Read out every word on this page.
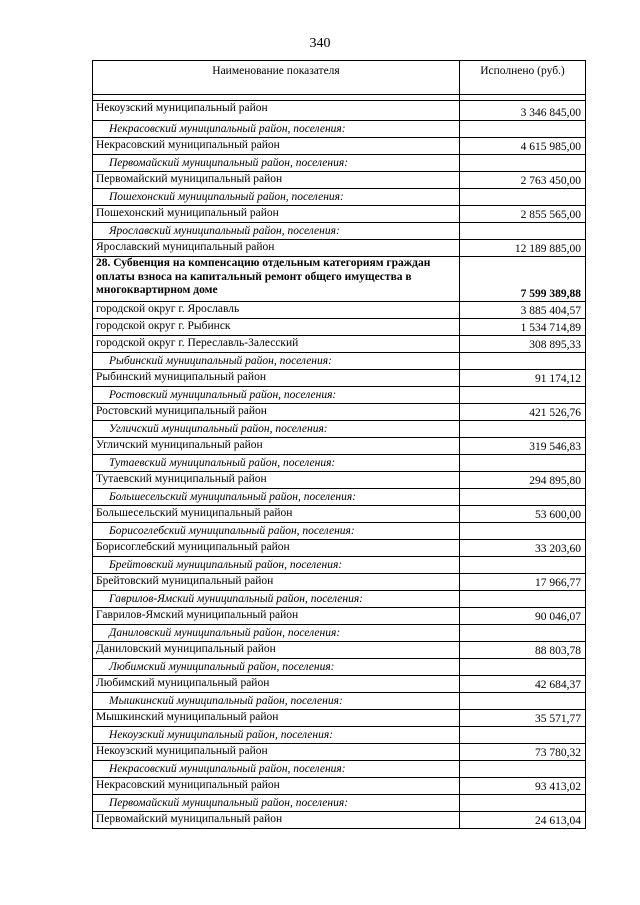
340
Наименование показателя	Исполнено (руб.)

Некоузский муниципальный район	3 346 845,00
Некрасовский муниципальный район, поселения:	
Некрасовский муниципальный район	4 615 985,00
Первомайский муниципальный район, поселения:	
Первомайский муниципальный район	2 763 450,00
Пошехонский муниципальный район, поселения:	
Пошехонский муниципальный район	2 855 565,00
Ярославский муниципальный район, поселения:	
Ярославский муниципальный район	12 189 885,00
28. Субвенция на компенсацию отдельным категориям граждан оплаты взноса на капитальный ремонт общего имущества в многоквартирном доме	7 599 389,88
городской округ г. Ярославль	3 885 404,57
городской округ г. Рыбинск	1 534 714,89
городской округ г. Переславль-Залесский	308 895,33
Рыбинский муниципальный район, поселения:	
Рыбинский муниципальный район	91 174,12
Ростовский муниципальный район, поселения:	
Ростовский муниципальный район	421 526,76
Угличский муниципальный район, поселения:	
Угличский муниципальный район	319 546,83
Тутаевский муниципальный район, поселения:	
Тутаевский муниципальный район	294 895,80
Большесельский муниципальный район, поселения:	
Большесельский муниципальный район	53 600,00
Борисоглебский муниципальный район, поселения:	
Борисоглебский муниципальный район	33 203,60
Брейтовский муниципальный район, поселения:	
Брейтовский муниципальный район	17 966,77
Гаврилов-Ямский муниципальный район, поселения:	
Гаврилов-Ямский муниципальный район	90 046,07
Даниловский муниципальный район, поселения:	
Даниловский муниципальный район	88 803,78
Любимский муниципальный район, поселения:	
Любимский муниципальный район	42 684,37
Мышкинский муниципальный район, поселения:	
Мышкинский муниципальный район	35 571,77
Некоузский муниципальный район, поселения:	
Некоузский муниципальный район	73 780,32
Некрасовский муниципальный район, поселения:	
Некрасовский муниципальный район	93 413,02
Первомайский муниципальный район, поселения:	
Первомайский муниципальный район	24 613,04
